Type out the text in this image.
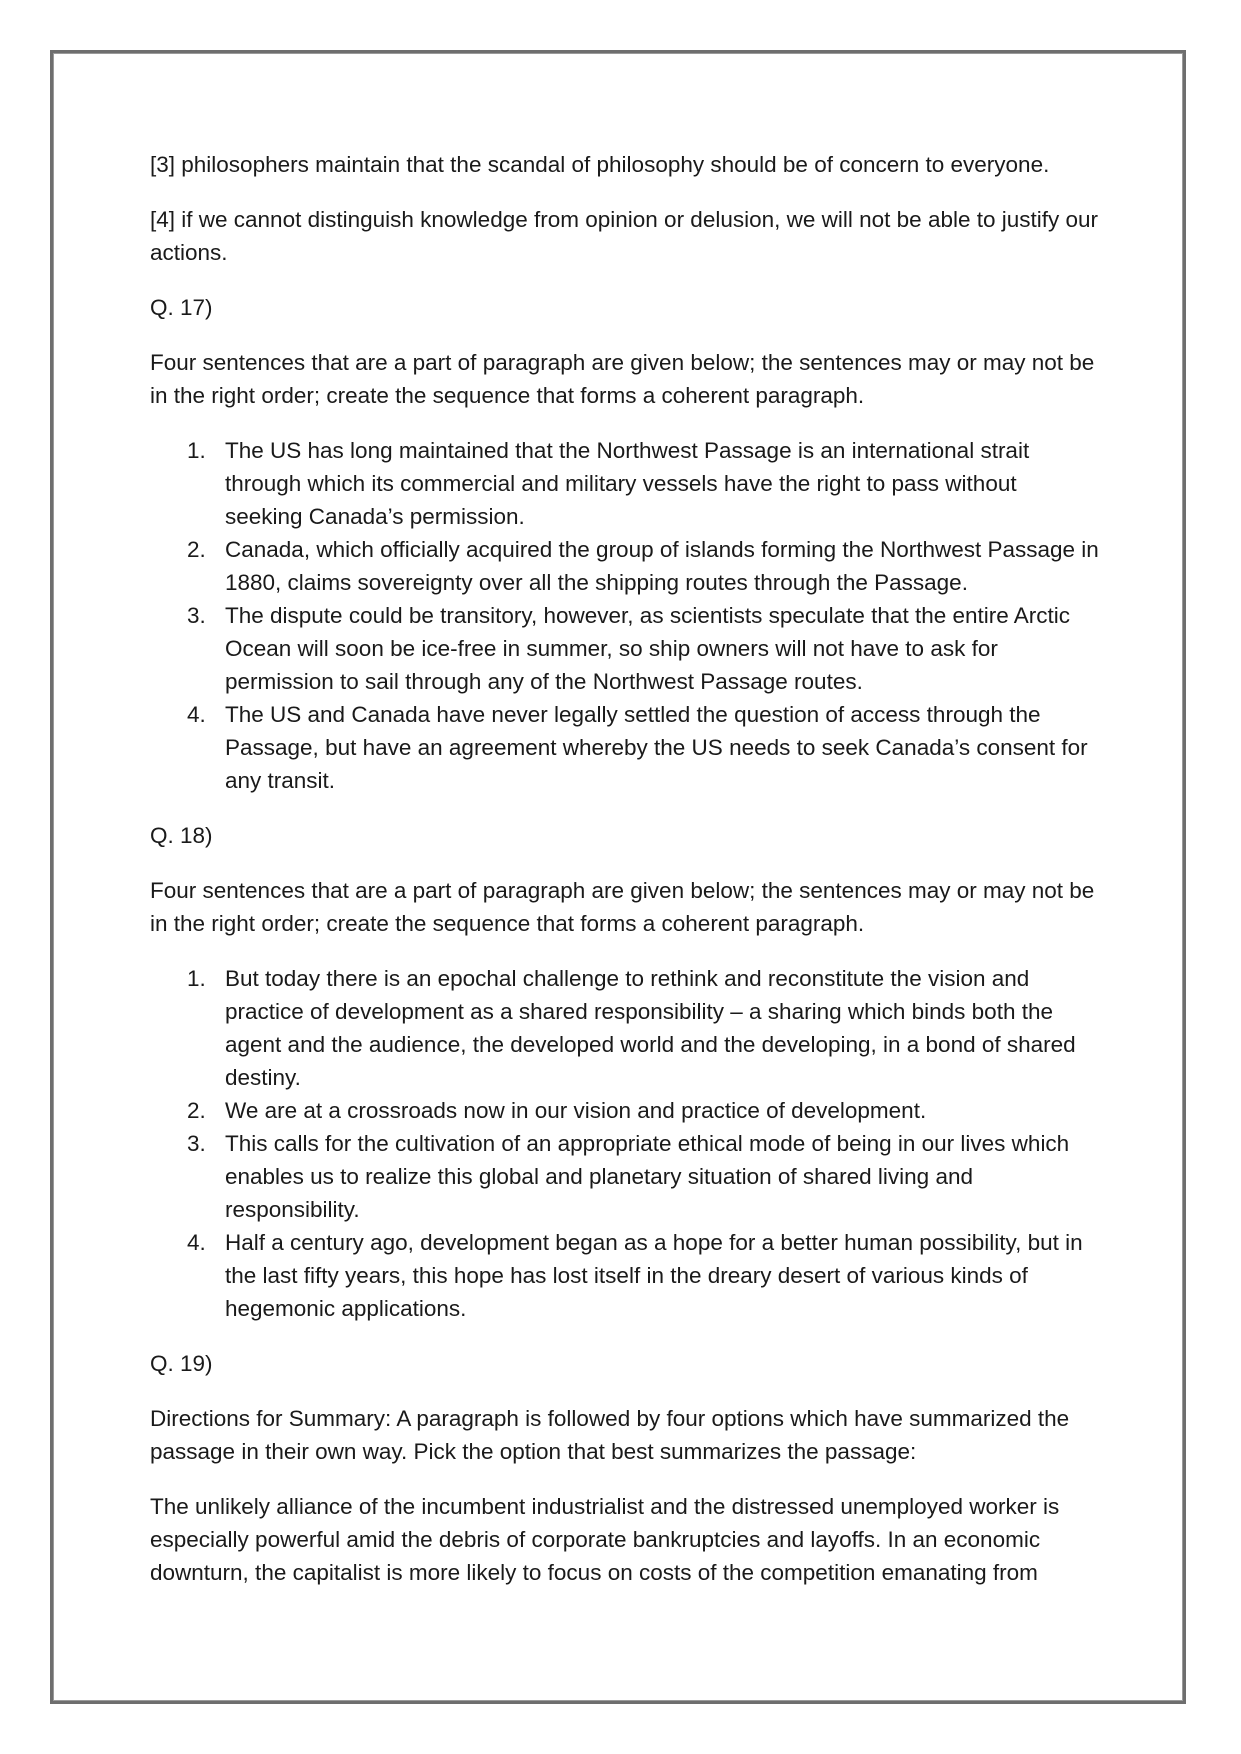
[3] philosophers maintain that the scandal of philosophy should be of concern to everyone.

[4] if we cannot distinguish knowledge from opinion or delusion, we will not be able to justify our actions.

Q. 17)

Four sentences that are a part of paragraph are given below; the sentences may or may not be in the right order; create the sequence that forms a coherent paragraph.

1. The US has long maintained that the Northwest Passage is an international strait through which its commercial and military vessels have the right to pass without seeking Canada’s permission.
2. Canada, which officially acquired the group of islands forming the Northwest Passage in 1880, claims sovereignty over all the shipping routes through the Passage.
3. The dispute could be transitory, however, as scientists speculate that the entire Arctic Ocean will soon be ice-free in summer, so ship owners will not have to ask for permission to sail through any of the Northwest Passage routes.
4. The US and Canada have never legally settled the question of access through the Passage, but have an agreement whereby the US needs to seek Canada’s consent for any transit.

Q. 18)

Four sentences that are a part of paragraph are given below; the sentences may or may not be in the right order; create the sequence that forms a coherent paragraph.

1. But today there is an epochal challenge to rethink and reconstitute the vision and practice of development as a shared responsibility – a sharing which binds both the agent and the audience, the developed world and the developing, in a bond of shared destiny.
2. We are at a crossroads now in our vision and practice of development.
3. This calls for the cultivation of an appropriate ethical mode of being in our lives which enables us to realize this global and planetary situation of shared living and responsibility.
4. Half a century ago, development began as a hope for a better human possibility, but in the last fifty years, this hope has lost itself in the dreary desert of various kinds of hegemonic applications.

Q. 19)

Directions for Summary: A paragraph is followed by four options which have summarized the passage in their own way. Pick the option that best summarizes the passage:

The unlikely alliance of the incumbent industrialist and the distressed unemployed worker is especially powerful amid the debris of corporate bankruptcies and layoffs. In an economic downturn, the capitalist is more likely to focus on costs of the competition emanating from
